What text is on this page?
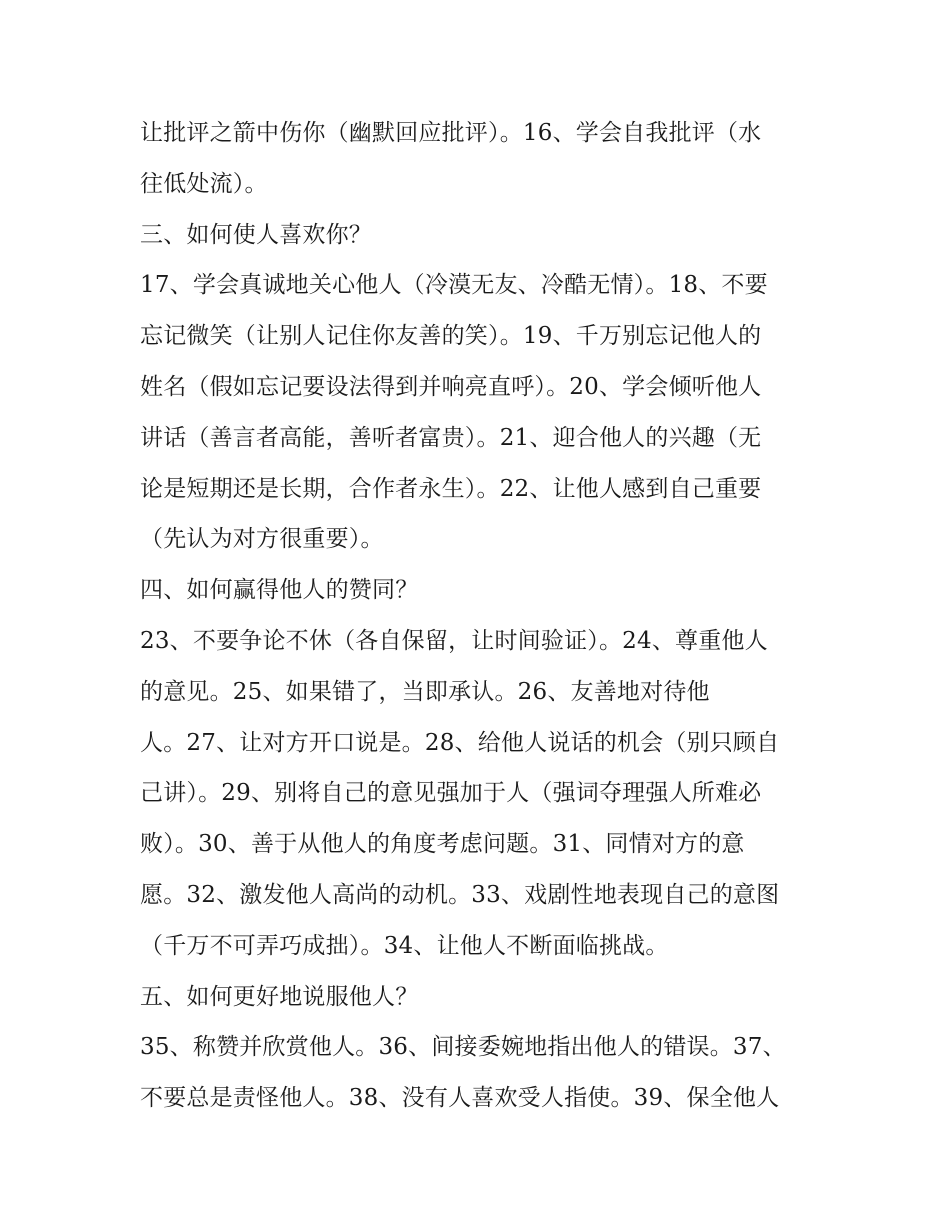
让批评之箭中伤你（幽默回应批评）。16、学会自我批评（水
往低处流）。
三、如何使人喜欢你？
17、学会真诚地关心他人（冷漠无友、冷酷无情）。18、不要
忘记微笑（让别人记住你友善的笑）。19、千万别忘记他人的
姓名（假如忘记要设法得到并响亮直呼）。20、学会倾听他人
讲话（善言者高能，善听者富贵）。21、迎合他人的兴趣（无
论是短期还是长期，合作者永生）。22、让他人感到自己重要
（先认为对方很重要）。
四、如何赢得他人的赞同？
23、不要争论不休（各自保留，让时间验证）。24、尊重他人
的意见。25、如果错了，当即承认。26、友善地对待他
人。27、让对方开口说是。28、给他人说话的机会（别只顾自
己讲）。29、别将自己的意见强加于人（强词夺理强人所难必
败）。30、善于从他人的角度考虑问题。31、同情对方的意
愿。32、激发他人高尚的动机。33、戏剧性地表现自己的意图
（千万不可弄巧成拙）。34、让他人不断面临挑战。
五、如何更好地说服他人？
35、称赞并欣赏他人。36、间接委婉地指出他人的错误。37、
不要总是责怪他人。38、没有人喜欢受人指使。39、保全他人
